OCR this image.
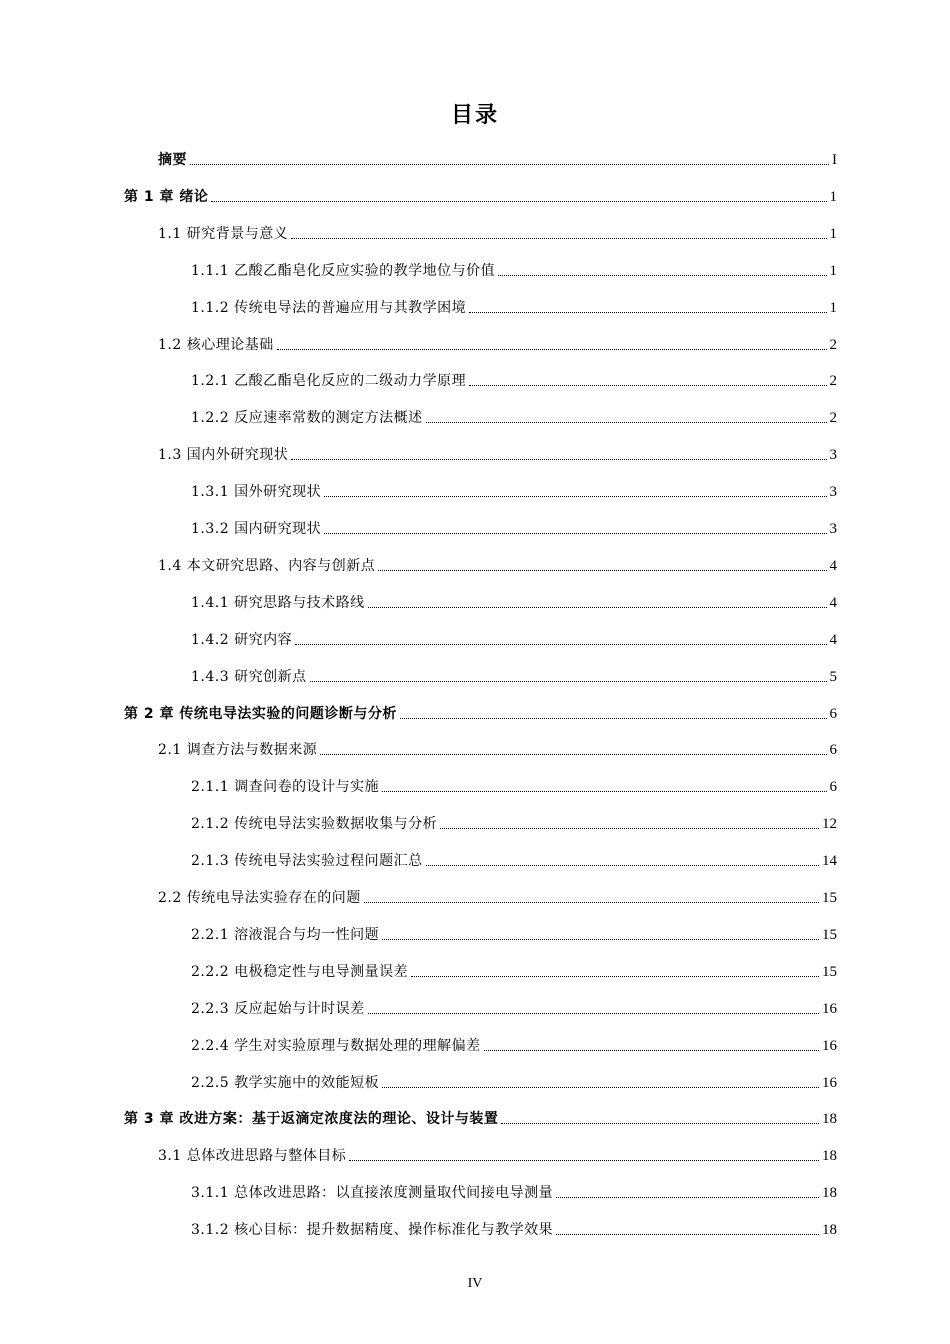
目录
摘要	I
第 1 章 绪论	1
1.1 研究背景与意义	1
1.1.1 乙酸乙酯皂化反应实验的教学地位与价值	1
1.1.2 传统电导法的普遍应用与其教学困境	1
1.2 核心理论基础	2
1.2.1 乙酸乙酯皂化反应的二级动力学原理	2
1.2.2 反应速率常数的测定方法概述	2
1.3 国内外研究现状	3
1.3.1 国外研究现状	3
1.3.2 国内研究现状	3
1.4 本文研究思路、内容与创新点	4
1.4.1 研究思路与技术路线	4
1.4.2 研究内容	4
1.4.3 研究创新点	5
第 2 章 传统电导法实验的问题诊断与分析	6
2.1 调查方法与数据来源	6
2.1.1 调查问卷的设计与实施	6
2.1.2 传统电导法实验数据收集与分析	12
2.1.3 传统电导法实验过程问题汇总	14
2.2 传统电导法实验存在的问题	15
2.2.1 溶液混合与均一性问题	15
2.2.2 电极稳定性与电导测量误差	15
2.2.3 反应起始与计时误差	16
2.2.4 学生对实验原理与数据处理的理解偏差	16
2.2.5 教学实施中的效能短板	16
第 3 章 改进方案：基于返滴定浓度法的理论、设计与装置	18
3.1 总体改进思路与整体目标	18
3.1.1 总体改进思路：以直接浓度测量取代间接电导测量	18
3.1.2 核心目标：提升数据精度、操作标准化与教学效果	18
IV
